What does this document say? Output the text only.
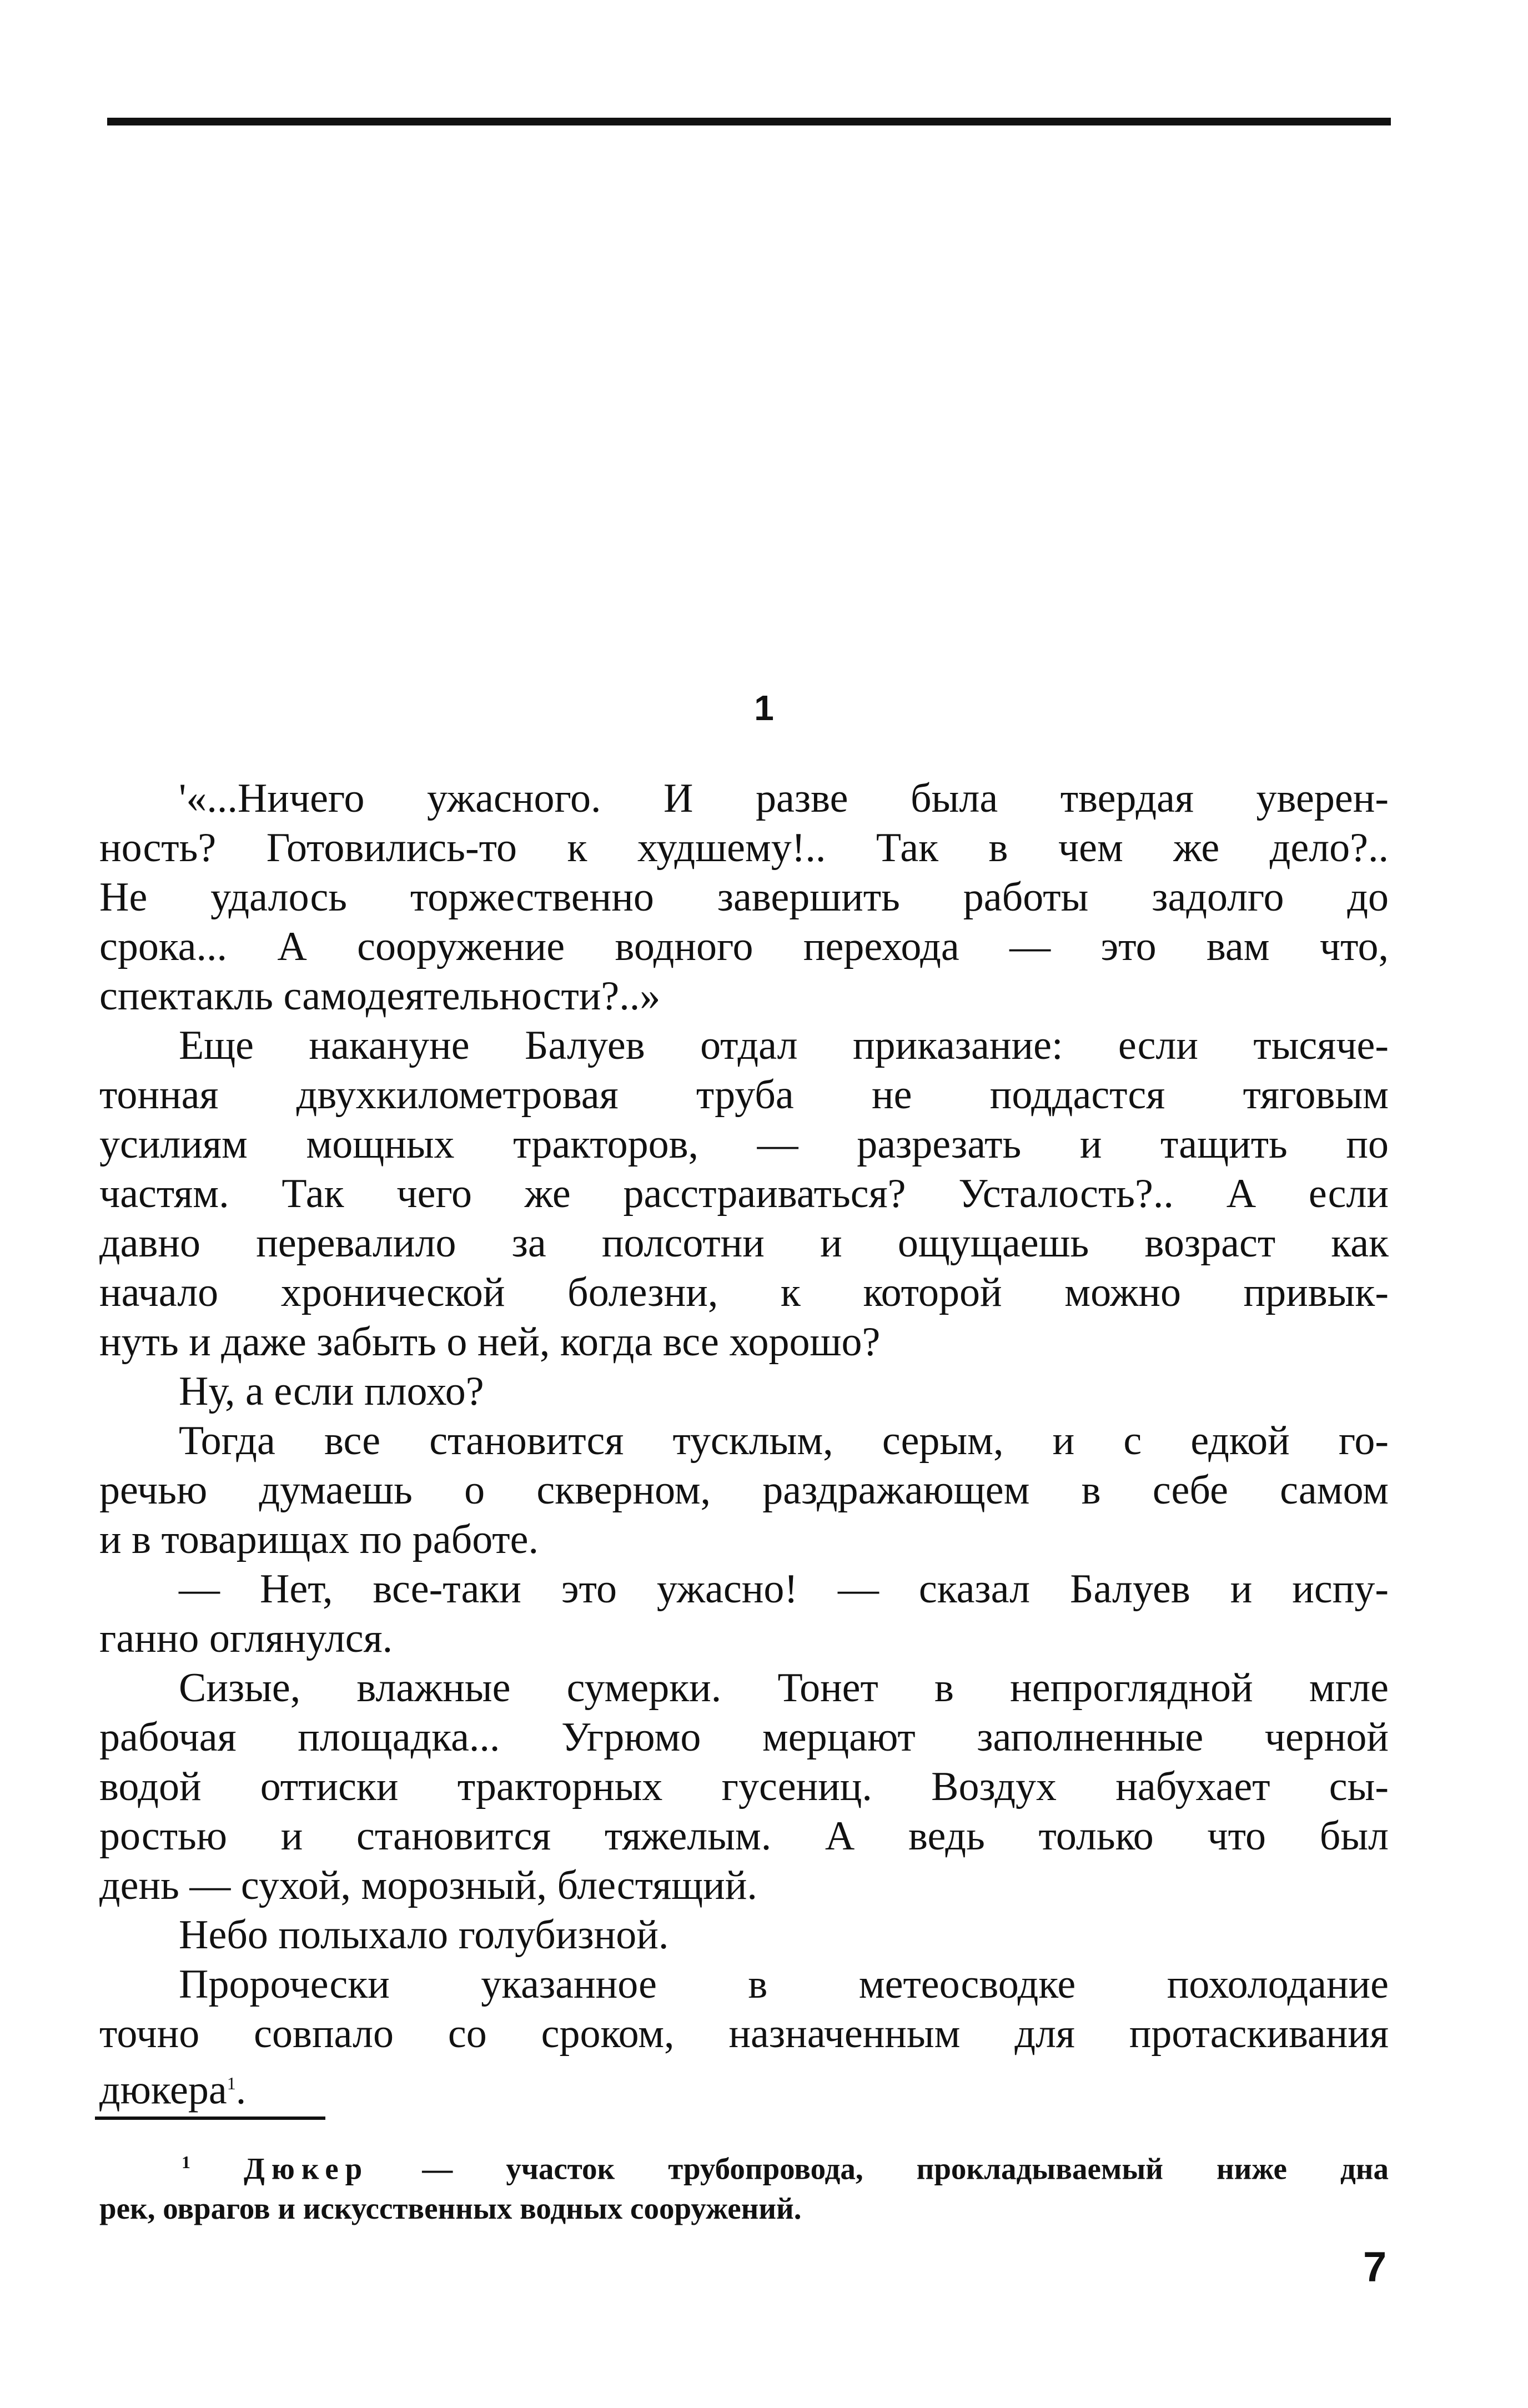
1
'«...Ничего ужасного. И разве была твердая уверен-
ность? Готовились-то к худшему!.. Так в чем же дело?..
Не удалось торжественно завершить работы задолго до
срока... А сооружение водного перехода — это вам что,
спектакль самодеятельности?..»
Еще накануне Балуев отдал приказание: если тысяче-
тонная двухкилометровая труба не поддастся тяговым
усилиям мощных тракторов, — разрезать и тащить по
частям. Так чего же расстраиваться? Усталость?.. А если
давно перевалило за полсотни и ощущаешь возраст как
начало хронической болезни, к которой можно привык-
нуть и даже забыть о ней, когда все хорошо?
Ну, а если плохо?
Тогда все становится тусклым, серым, и с едкой го-
речью думаешь о скверном, раздражающем в себе самом
и в товарищах по работе.
— Нет, все-таки это ужасно! — сказал Балуев и испу-
ганно оглянулся.
Сизые, влажные сумерки. Тонет в непроглядной мгле
рабочая площадка... Угрюмо мерцают заполненные черной
водой оттиски тракторных гусениц. Воздух набухает сы-
ростью и становится тяжелым. А ведь только что был
день — сухой, морозный, блестящий.
Небо полыхало голубизной.
Пророчески указанное в метеосводке похолодание
точно совпало со сроком, назначенным для протаскивания
дюкера$^1$.
$^1$ Дюкер — участок трубопровода, прокладываемый ниже дна
рек, оврагов и искусственных водных сооружений.
7
